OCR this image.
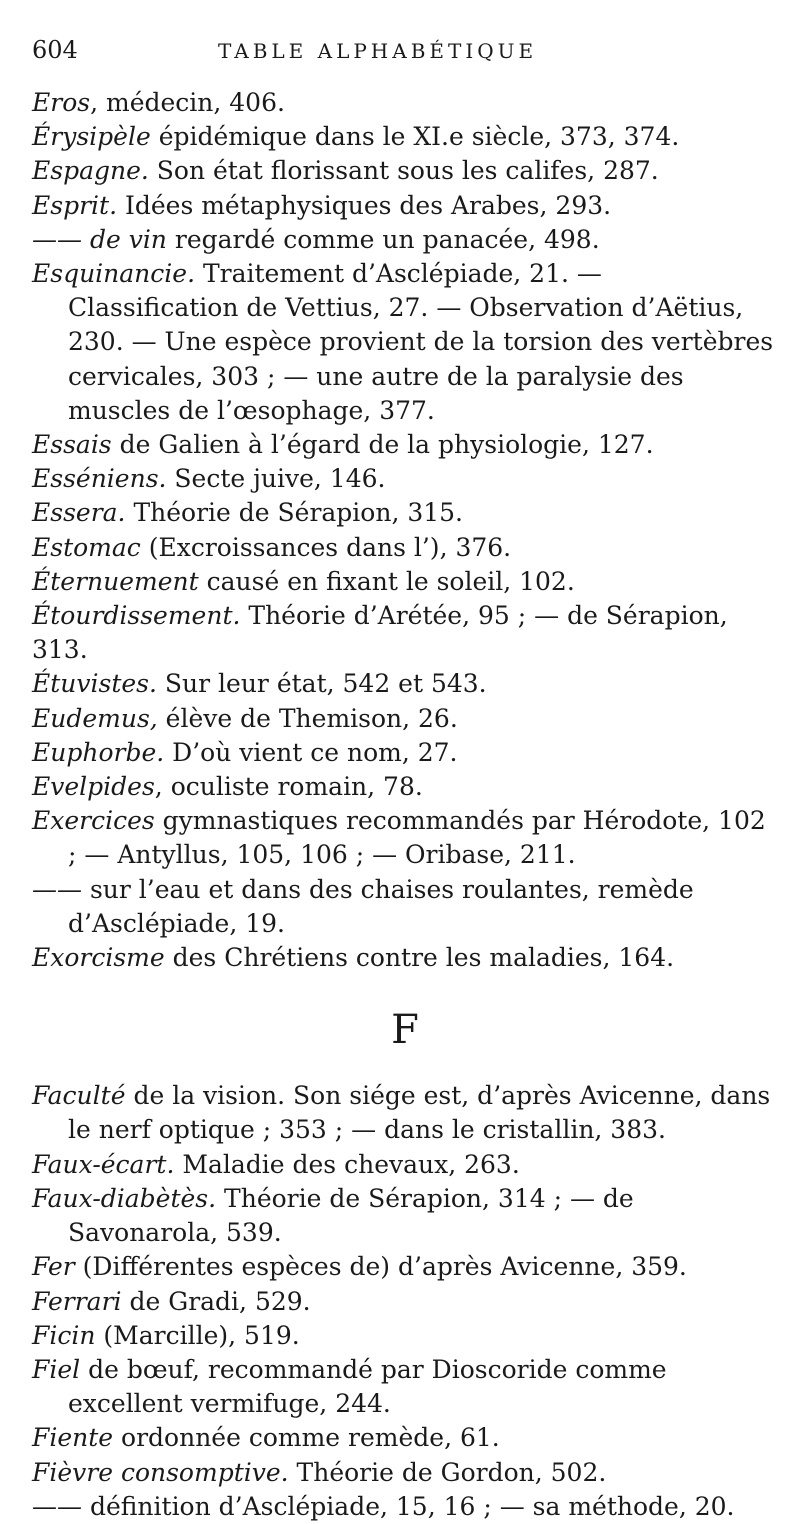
604	TABLE ALPHABÉTIQUE

Eros, médecin, 406.

Érysipèle épidémique dans le XI.e siècle, 373, 374.

Espagne. Son état florissant sous les califes, 287.

Esprit. Idées métaphysiques des Arabes, 293.

—— de vin regardé comme un panacée, 498.

Esquinancie. Traitement d’Asclépiade, 21. — Classification de Vettius, 27. — Observation d’Aëtius, 230. — Une espèce provient de la torsion des vertèbres cervicales, 303 ; — une autre de la paralysie des muscles de l’œsophage, 377.

Essais de Galien à l’égard de la physiologie, 127.

Esséniens. Secte juive, 146.

Essera. Théorie de Sérapion, 315.

Estomac (Excroissances dans l’), 376.

Éternuement causé en fixant le soleil, 102.

Étourdissement. Théorie d’Arétée, 95 ; — de Sérapion, 313.

Étuvistes. Sur leur état, 542 et 543.

Eudemus, élève de Themison, 26.

Euphorbe. D’où vient ce nom, 27.

Evelpides, oculiste romain, 78.

Exercices gymnastiques recommandés par Hérodote, 102 ; — Antyllus, 105, 106 ; — Oribase, 211.

—— sur l’eau et dans des chaises roulantes, remède d’Asclépiade, 19.

Exorcisme des Chrétiens contre les maladies, 164.

F

Faculté de la vision. Son siége est, d’après Avicenne, dans le nerf optique ; 353 ; — dans le cristallin, 383.

Faux-écart. Maladie des chevaux, 263.

Faux-diabètès. Théorie de Sérapion, 314 ; — de Savonarola, 539.

Fer (Différentes espèces de) d’après Avicenne, 359.

Ferrari de Gradi, 529.

Ficin (Marcille), 519.

Fiel de bœuf, recommandé par Dioscoride comme excellent vermifuge, 244.

Fiente ordonnée comme remède, 61.

Fièvre consomptive. Théorie de Gordon, 502.

—— définition d’Asclépiade, 15, 16 ; — sa méthode, 20.
